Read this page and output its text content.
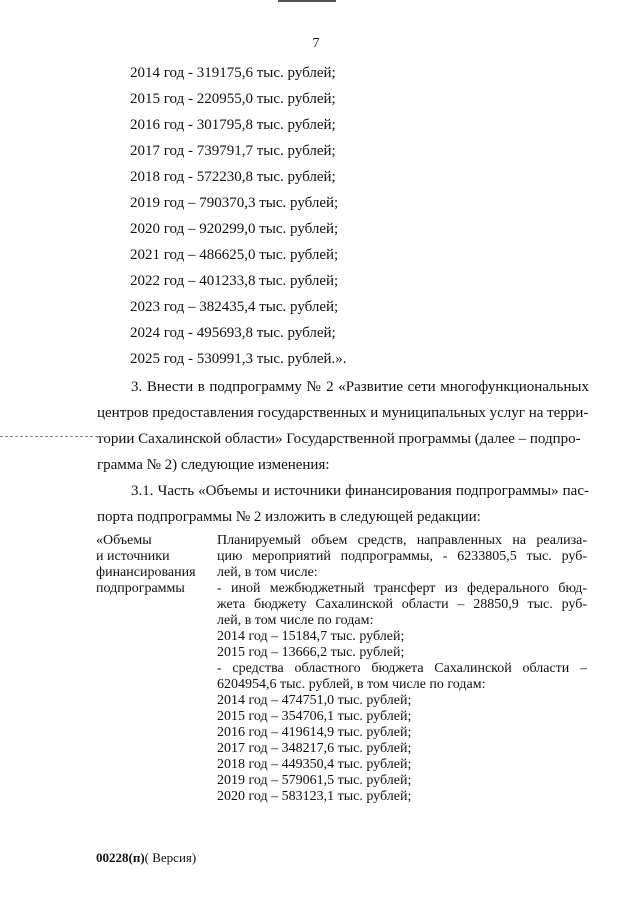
7
2014 год - 319175,6 тыс. рублей;
2015 год - 220955,0 тыс. рублей;
2016 год - 301795,8 тыс. рублей;
2017 год - 739791,7 тыс. рублей;
2018 год - 572230,8 тыс. рублей;
2019 год – 790370,3 тыс. рублей;
2020 год – 920299,0 тыс. рублей;
2021 год – 486625,0 тыс. рублей;
2022 год – 401233,8 тыс. рублей;
2023 год – 382435,4 тыс. рублей;
2024 год - 495693,8 тыс. рублей;
2025 год - 530991,3 тыс. рублей.».
3. Внести в подпрограмму № 2 «Развитие сети многофункциональных
центров предоставления государственных и муниципальных услуг на терри-
тории Сахалинской области» Государственной программы (далее – подпро-
грамма № 2) следующие изменения:
3.1. Часть «Объемы и источники финансирования подпрограммы» пас-
порта подпрограммы № 2 изложить в следующей редакции:
«Объемы
и источники
финансирования
подпрограммы
Планируемый объем средств, направленных на реализа-
цию мероприятий подпрограммы, - 6233805,5 тыс. руб-
лей, в том числе:
- иной межбюджетный трансферт из федерального бюд-
жета бюджету Сахалинской области – 28850,9 тыс. руб-
лей, в том числе по годам:
2014 год – 15184,7 тыс. рублей;
2015 год – 13666,2 тыс. рублей;
- средства областного бюджета Сахалинской области –
6204954,6 тыс. рублей, в том числе по годам:
2014 год – 474751,0 тыс. рублей;
2015 год – 354706,1 тыс. рублей;
2016 год – 419614,9 тыс. рублей;
2017 год – 348217,6 тыс. рублей;
2018 год – 449350,4 тыс. рублей;
2019 год – 579061,5 тыс. рублей;
2020 год – 583123,1 тыс. рублей;
00228(п)( Версия)
